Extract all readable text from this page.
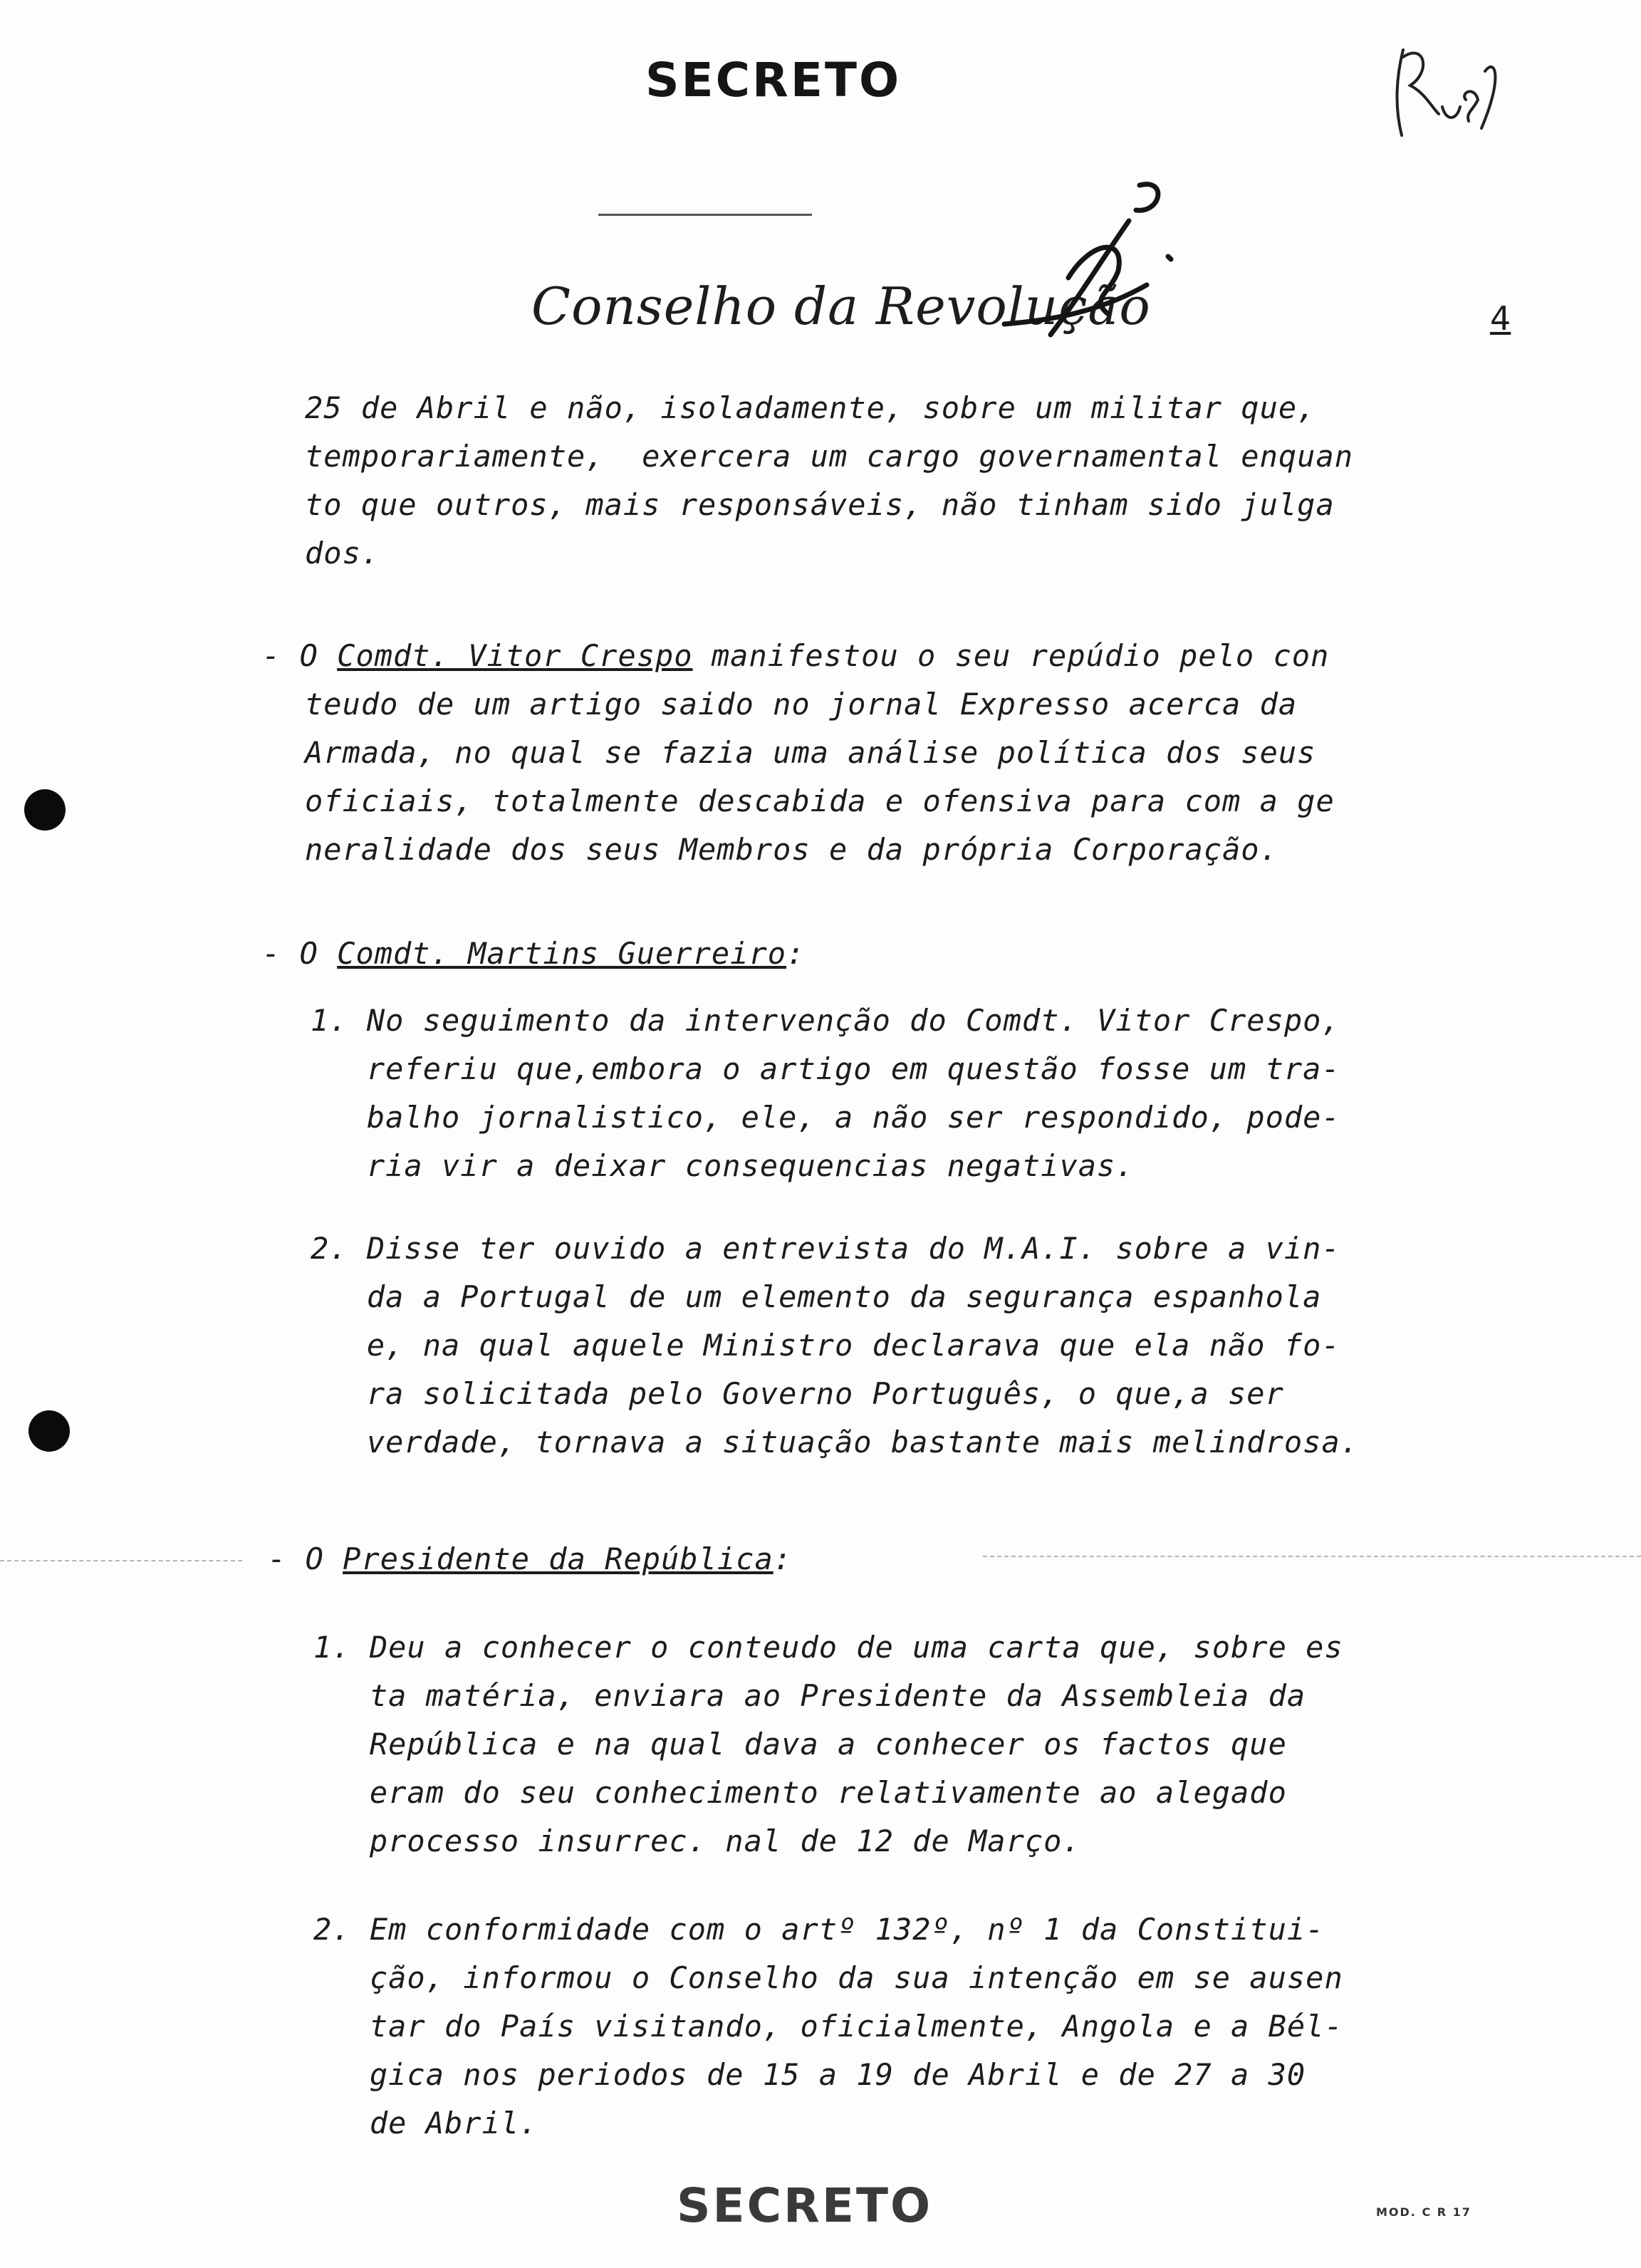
SECRETO
Conselho da Revolução	4
25 de Abril e não, isoladamente, sobre um militar que,
temporariamente,  exercera um cargo governamental enquan
to que outros, mais responsáveis, não tinham sido julga
dos.
- O Comdt. Vitor Crespo manifestou o seu repúdio pelo con
teudo de um artigo saido no jornal Expresso acerca da
Armada, no qual se fazia uma análise política dos seus
oficiais, totalmente descabida e ofensiva para com a ge
neralidade dos seus Membros e da própria Corporação.
- O Comdt. Martins Guerreiro:
1. No seguimento da intervenção do Comdt. Vitor Crespo,
referiu que,embora o artigo em questão fosse um tra-
balho jornalistico, ele, a não ser respondido, pode-
ria vir a deixar consequencias negativas.
2. Disse ter ouvido a entrevista do M.A.I. sobre a vin-
da a Portugal de um elemento da segurança espanhola
e, na qual aquele Ministro declarava que ela não fo-
ra solicitada pelo Governo Português, o que,a ser
verdade, tornava a situação bastante mais melindrosa.
- O Presidente da República:
1. Deu a conhecer o conteudo de uma carta que, sobre es
ta matéria, enviara ao Presidente da Assembleia da
República e na qual dava a conhecer os factos que
eram do seu conhecimento relativamente ao alegado
processo insurrec. nal de 12 de Março.
2. Em conformidade com o artº 132º, nº 1 da Constitui-
ção, informou o Conselho da sua intenção em se ausen
tar do País visitando, oficialmente, Angola e a Bél-
gica nos periodos de 15 a 19 de Abril e de 27 a 30
de Abril.
SECRETO	MOD. C R 17
